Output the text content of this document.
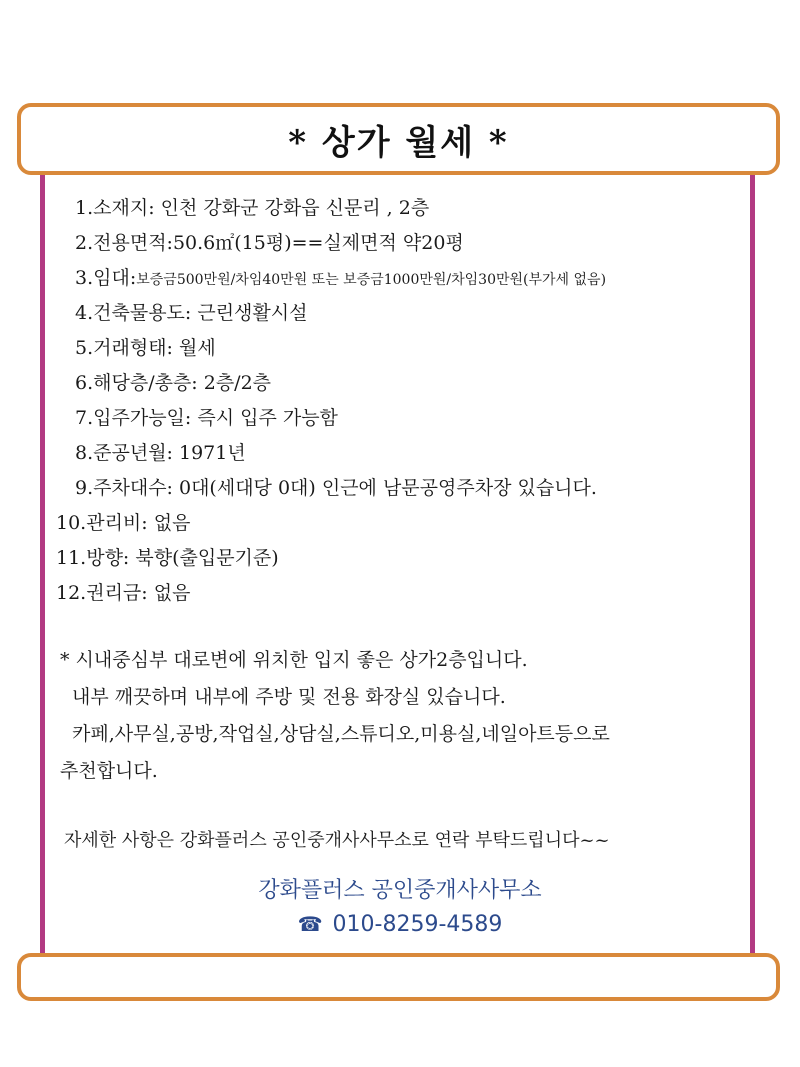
* 상가 월세 *
1.소재지: 인천 강화군 강화읍 신문리 , 2층
2.전용면적:50.6㎡(15평)==실제면적 약20평
3.임대:보증금500만원/차임40만원 또는 보증금1000만원/차임30만원(부가세 없음)
4.건축물용도: 근린생활시설
5.거래형태: 월세
6.해당층/총층: 2층/2층
7.입주가능일: 즉시 입주 가능함
8.준공년월: 1971년
9.주차대수: 0대(세대당 0대) 인근에 남문공영주차장 있습니다.
10.관리비: 없음
11.방향: 북향(출입문기준)
12.권리금: 없음
* 시내중심부 대로변에 위치한 입지 좋은 상가2층입니다.
내부 깨끗하며 내부에 주방 및 전용 화장실 있습니다.
카페,사무실,공방,작업실,상담실,스튜디오,미용실,네일아트등으로
추천합니다.
자세한 사항은 강화플러스 공인중개사사무소로 연락 부탁드립니다~~
강화플러스 공인중개사사무소
☎ 010-8259-4589
